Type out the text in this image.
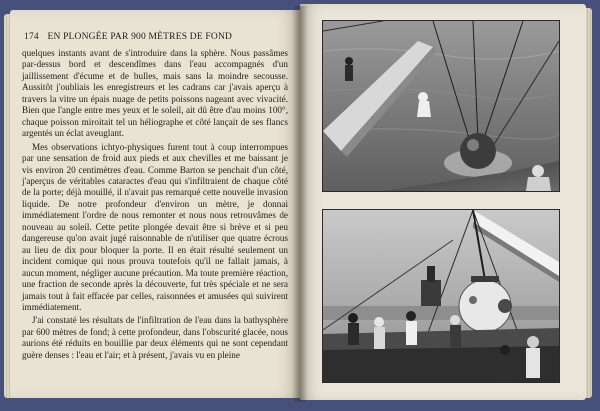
174 EN PLONGÉE PAR 900 MÈTRES DE FOND

quelques instants avant de s'introduire dans la sphère. Nous passâmes par-dessus bord et descendîmes dans l'eau accompagnés d'un jaillissement d'écume et de bulles, mais sans la moindre secousse. Aussitôt j'oubliais les enregistreurs et les cadrans car j'avais aperçu à travers la vitre un épais nuage de petits poissons nageant avec vivacité. Bien que l'angle entre mes yeux et le soleil, ait dû être d'au moins 100°, chaque poisson miroitait tel un héliographe et côté lançait de ses flancs argentés un éclat aveuglant.

Mes observations ichtyo-physiques furent tout à coup interrompues par une sensation de froid aux pieds et aux chevilles et me baissant je vis environ 20 centimètres d'eau. Comme Barton se penchait d'un côté, j'aperçus de véritables cataractes d'eau qui s'infiltraient de chaque côté de la porte; déjà mouillé, il n'avait pas remarqué cette nouvelle invasion liquide. De notre profondeur d'environ un mètre, je donnai immédiatement l'ordre de nous remonter et nous nous retrouvâmes de nouveau au soleil. Cette petite plongée devait être si brève et si peu dangereuse qu'on avait jugé raisonnable de n'utiliser que quatre écrous au lieu de dix pour bloquer la porte. Il en était résulté seulement un incident comique qui nous prouva toutefois qu'il ne fallait jamais, à aucun moment, négliger aucune précaution. Ma toute première réaction, une fraction de seconde après la découverte, fut très spéciale et ne sera jamais tout à fait effacée par celles, raisonnées et amusées qui suivirent immédiatement.

J'ai constaté les résultats de l'infiltration de l'eau dans la bathysphère par 600 mètres de fond; à cette profondeur, dans l'obscurité glacée, nous aurions été réduits en bouillie par deux éléments qui ne sont cependant guère denses : l'eau et l'air; et à présent, j'avais vu en pleine
